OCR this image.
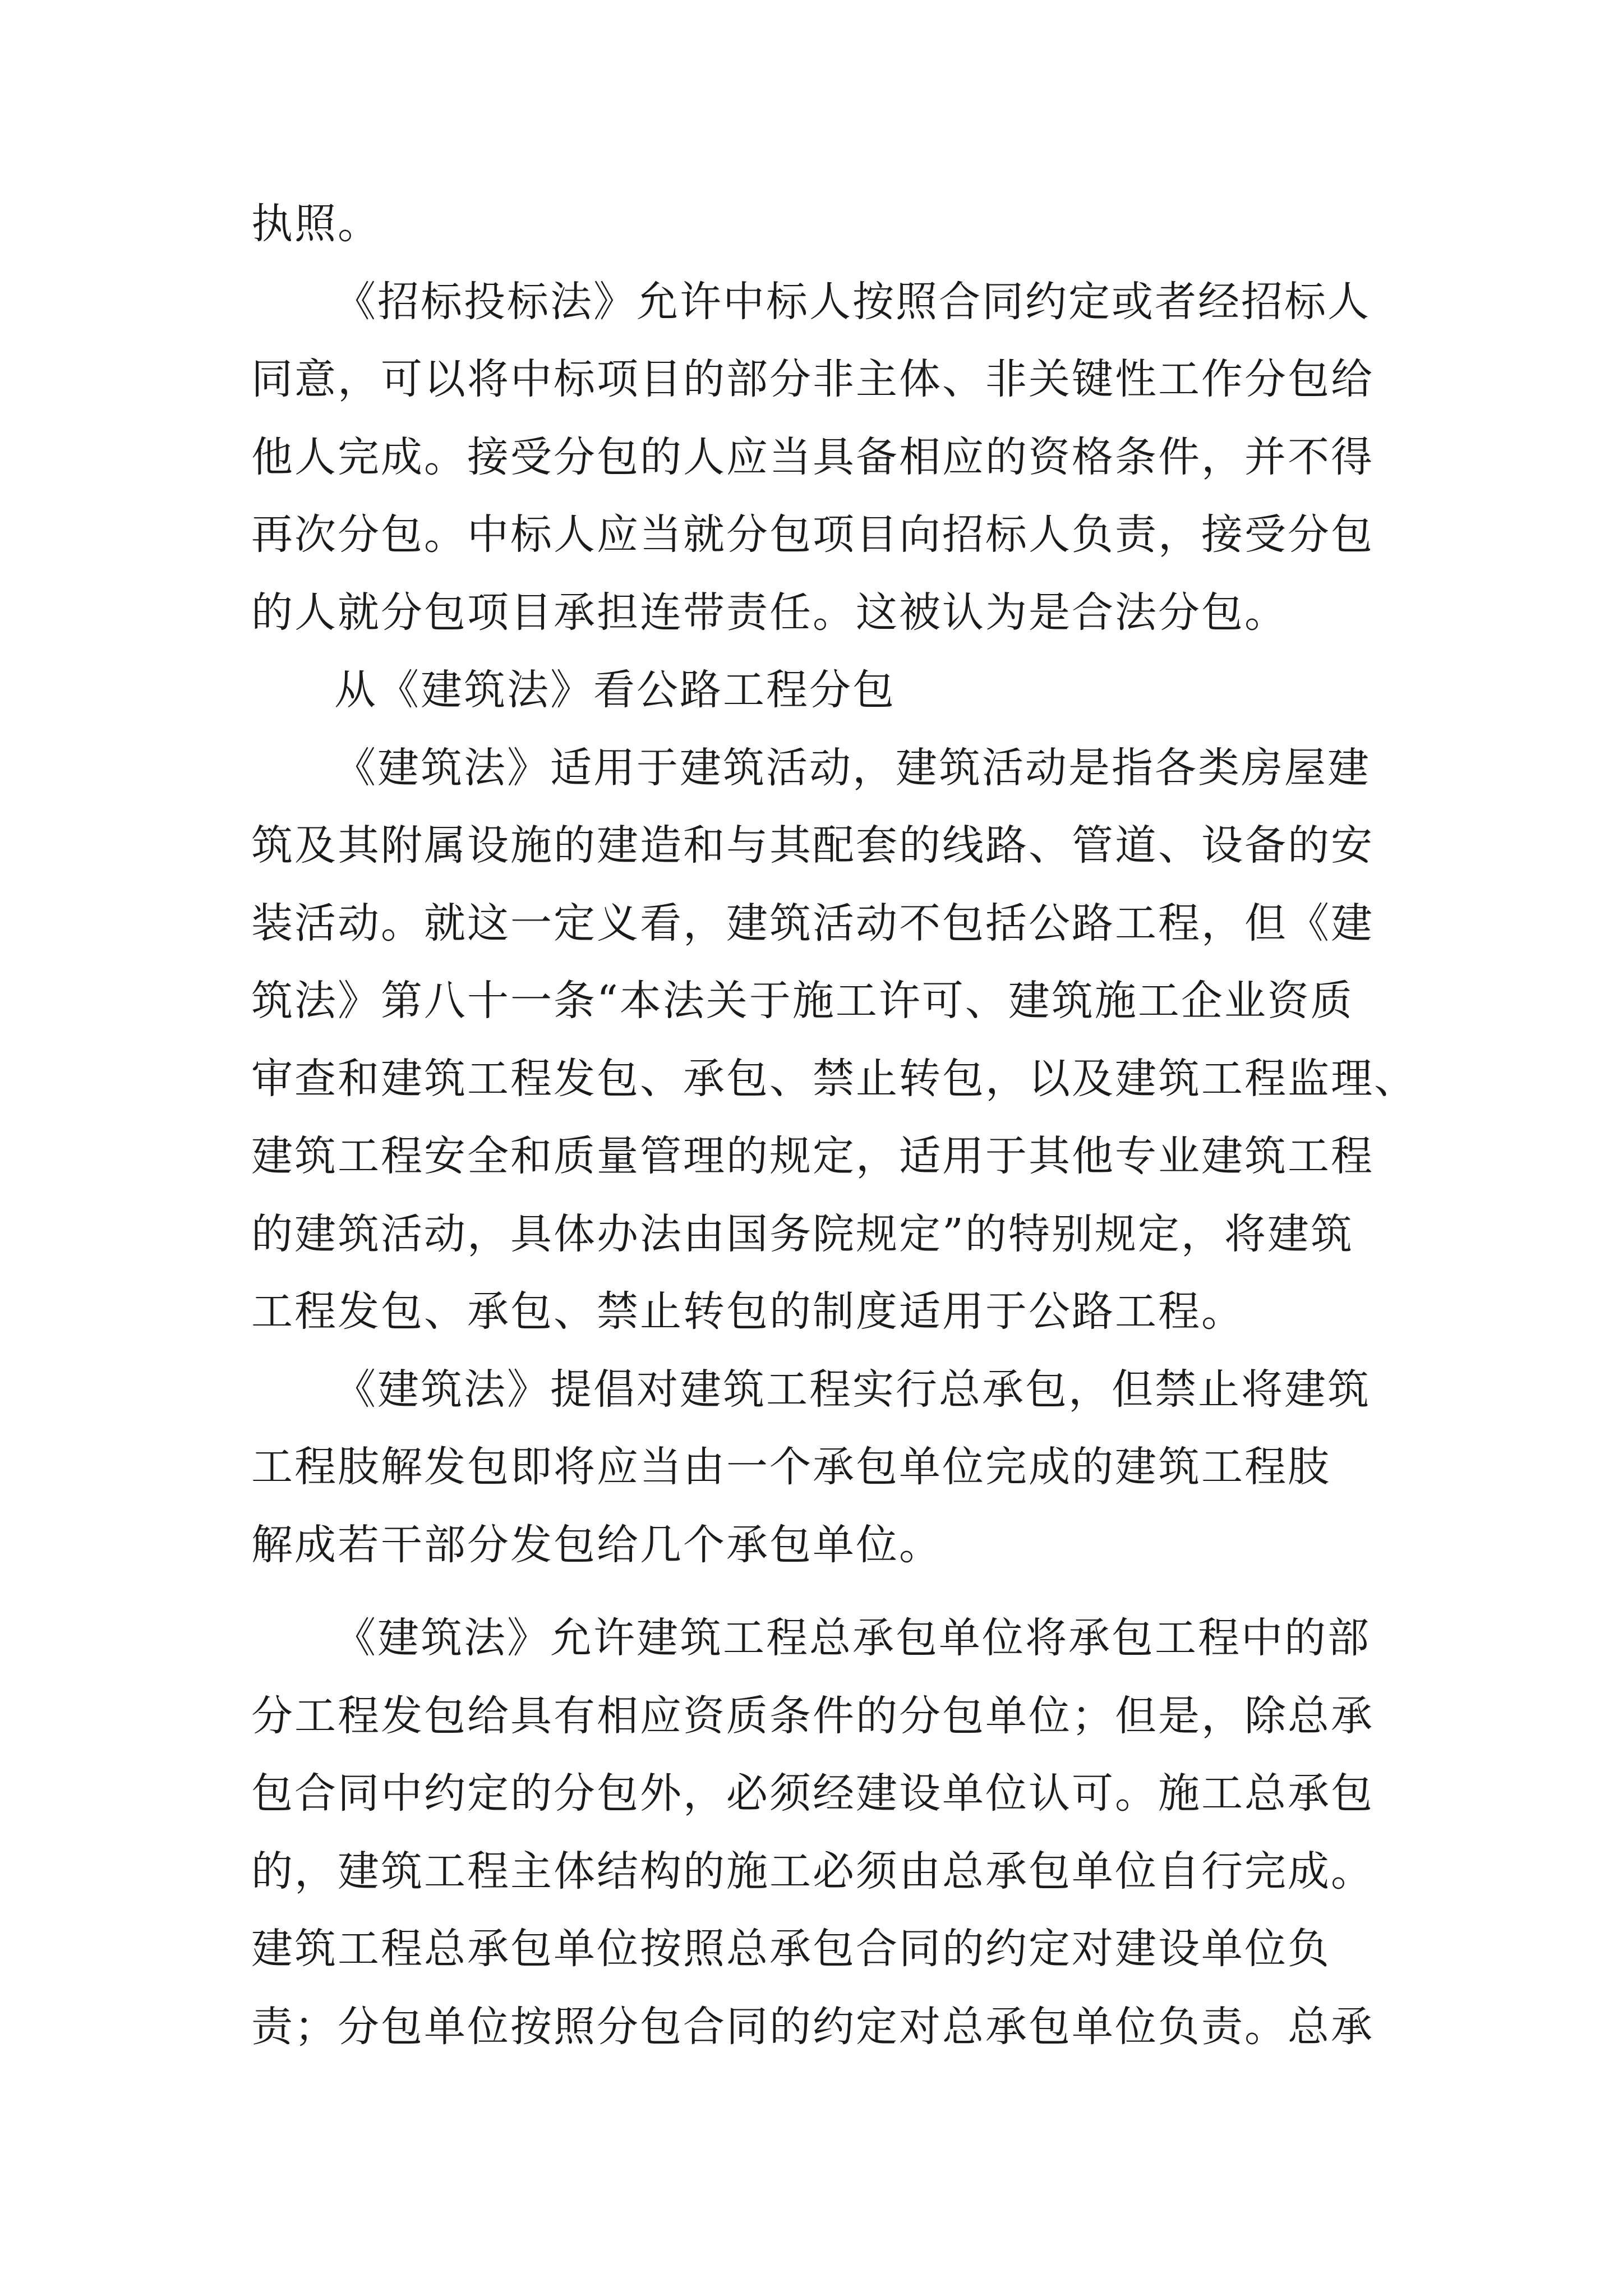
执照。
《招标投标法》允许中标人按照合同约定或者经招标人
同意，可以将中标项目的部分非主体、非关键性工作分包给
他人完成。接受分包的人应当具备相应的资格条件，并不得
再次分包。中标人应当就分包项目向招标人负责，接受分包
的人就分包项目承担连带责任。这被认为是合法分包。
从《建筑法》看公路工程分包
《建筑法》适用于建筑活动，建筑活动是指各类房屋建
筑及其附属设施的建造和与其配套的线路、管道、设备的安
装活动。就这一定义看，建筑活动不包括公路工程，但《建
筑法》第八十一条“本法关于施工许可、建筑施工企业资质
审查和建筑工程发包、承包、禁止转包，以及建筑工程监理、
建筑工程安全和质量管理的规定，适用于其他专业建筑工程
的建筑活动，具体办法由国务院规定”的特别规定，将建筑
工程发包、承包、禁止转包的制度适用于公路工程。
《建筑法》提倡对建筑工程实行总承包，但禁止将建筑
工程肢解发包即将应当由一个承包单位完成的建筑工程肢
解成若干部分发包给几个承包单位。
《建筑法》允许建筑工程总承包单位将承包工程中的部
分工程发包给具有相应资质条件的分包单位；但是，除总承
包合同中约定的分包外，必须经建设单位认可。施工总承包
的，建筑工程主体结构的施工必须由总承包单位自行完成。
建筑工程总承包单位按照总承包合同的约定对建设单位负
责；分包单位按照分包合同的约定对总承包单位负责。总承
